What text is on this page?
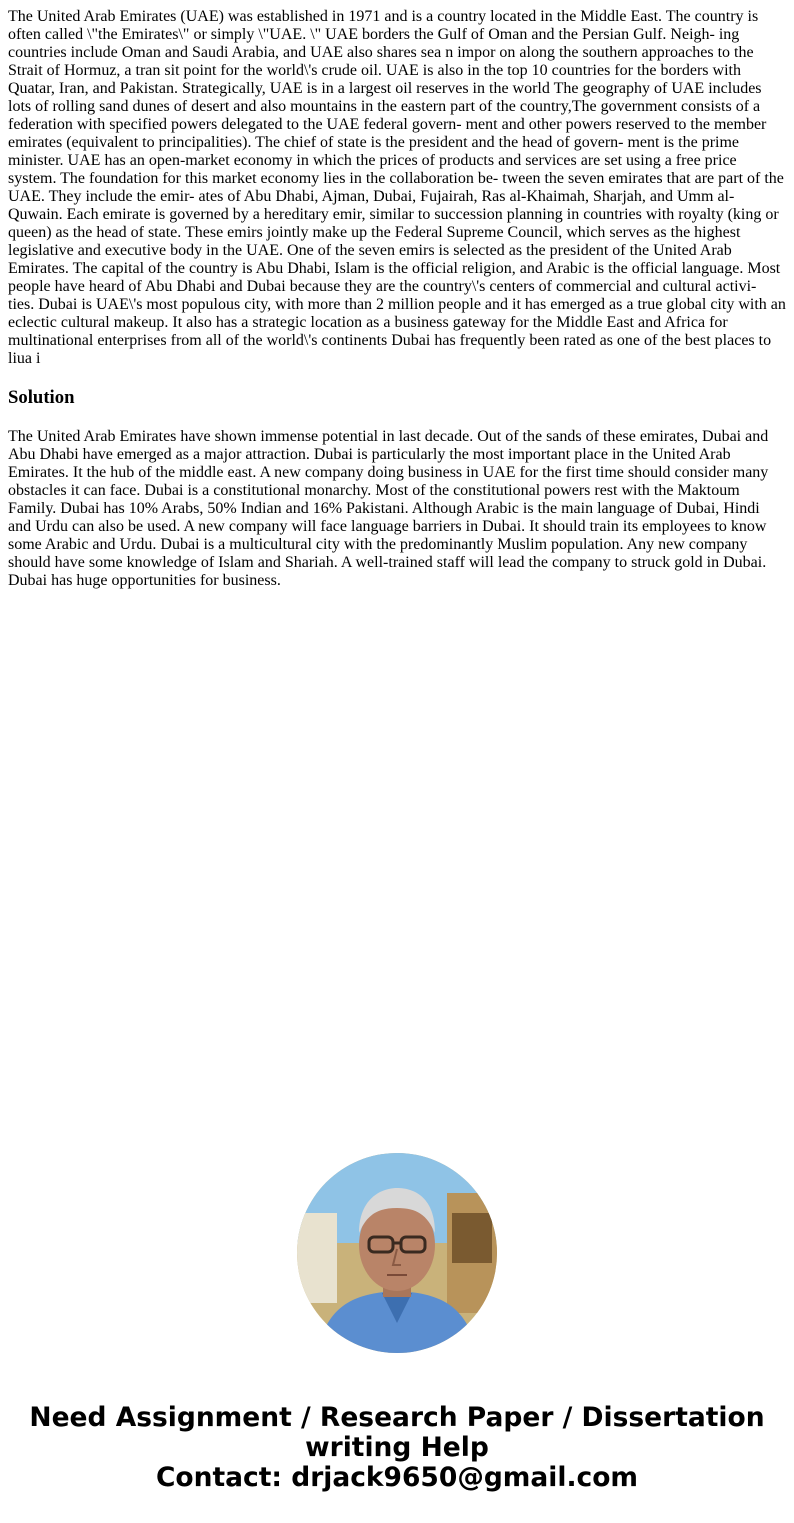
The United Arab Emirates (UAE) was established in 1971 and is a country located in the Middle East. The country is often called \"the Emirates\" or simply \"UAE. \" UAE borders the Gulf of Oman and the Persian Gulf. Neigh- ing countries include Oman and Saudi Arabia, and UAE also shares sea n impor on along the southern approaches to the Strait of Hormuz, a tran sit point for the world\'s crude oil. UAE is also in the top 10 countries for the borders with Quatar, Iran, and Pakistan. Strategically, UAE is in a largest oil reserves in the world The geography of UAE includes lots of rolling sand dunes of desert and also mountains in the eastern part of the country,The government consists of a federation with specified powers delegated to the UAE federal govern- ment and other powers reserved to the member emirates (equivalent to principalities). The chief of state is the president and the head of govern- ment is the prime minister. UAE has an open-market economy in which the prices of products and services are set using a free price system. The foundation for this market economy lies in the collaboration be- tween the seven emirates that are part of the UAE. They include the emir- ates of Abu Dhabi, Ajman, Dubai, Fujairah, Ras al-Khaimah, Sharjah, and Umm al-Quwain. Each emirate is governed by a hereditary emir, similar to succession planning in countries with royalty (king or queen) as the head of state. These emirs jointly make up the Federal Supreme Council, which serves as the highest legislative and executive body in the UAE. One of the seven emirs is selected as the president of the United Arab Emirates. The capital of the country is Abu Dhabi, Islam is the official religion, and Arabic is the official language. Most people have heard of Abu Dhabi and Dubai because they are the country\'s centers of commercial and cultural activi- ties. Dubai is UAE\'s most populous city, with more than 2 million people and it has emerged as a true global city with an eclectic cultural makeup. It also has a strategic location as a business gateway for the Middle East and Africa for multinational enterprises from all of the world\'s continents Dubai has frequently been rated as one of the best places to liua i

Solution

The United Arab Emirates have shown immense potential in last decade. Out of the sands of these emirates, Dubai and Abu Dhabi have emerged as a major attraction. Dubai is particularly the most important place in the United Arab Emirates. It the hub of the middle east. A new company doing business in UAE for the first time should consider many obstacles it can face. Dubai is a constitutional monarchy. Most of the constitutional powers rest with the Maktoum Family. Dubai has 10% Arabs, 50% Indian and 16% Pakistani. Although Arabic is the main language of Dubai, Hindi and Urdu can also be used. A new company will face language barriers in Dubai. It should train its employees to know some Arabic and Urdu. Dubai is a multicultural city with the predominantly Muslim population. Any new company should have some knowledge of Islam and Shariah. A well-trained staff will lead the company to struck gold in Dubai. Dubai has huge opportunities for business.

Need Assignment / Research Paper / Dissertation
writing Help
Contact: drjack9650@gmail.com
